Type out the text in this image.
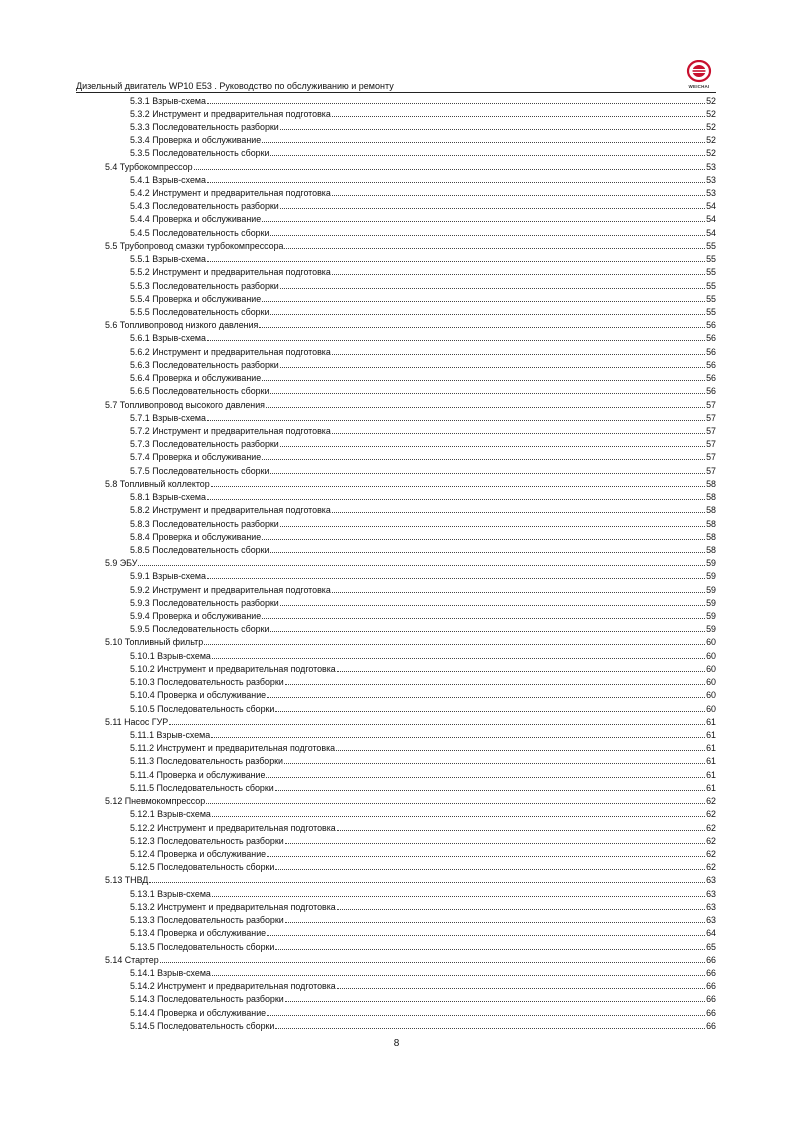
Дизельный двигатель WP10 E53 . Руководство по обслуживанию и ремонту	WEICHAI
5.3.1 Взрыв-схема	52
5.3.2 Инструмент и предварительная подготовка	52
5.3.3 Последовательность разборки	52
5.3.4 Проверка и обслуживание	52
5.3.5 Последовательность сборки	52
5.4 Турбокомпрессор	53
5.4.1 Взрыв-схема	53
5.4.2 Инструмент и предварительная подготовка	53
5.4.3 Последовательность разборки	54
5.4.4 Проверка и обслуживание	54
5.4.5 Последовательность сборки	54
5.5 Трубопровод смазки турбокомпрессора	55
5.5.1 Взрыв-схема	55
5.5.2 Инструмент и предварительная подготовка	55
5.5.3 Последовательность разборки	55
5.5.4 Проверка и обслуживание	55
5.5.5 Последовательность сборки	55
5.6 Топливопровод низкого давления	56
5.6.1 Взрыв-схема	56
5.6.2 Инструмент и предварительная подготовка	56
5.6.3 Последовательность разборки	56
5.6.4 Проверка и обслуживание	56
5.6.5 Последовательность сборки	56
5.7 Топливопровод высокого давления	57
5.7.1 Взрыв-схема	57
5.7.2 Инструмент и предварительная подготовка	57
5.7.3 Последовательность разборки	57
5.7.4 Проверка и обслуживание	57
5.7.5 Последовательность сборки	57
5.8 Топливный коллектор	58
5.8.1 Взрыв-схема	58
5.8.2 Инструмент и предварительная подготовка	58
5.8.3 Последовательность разборки	58
5.8.4 Проверка и обслуживание	58
5.8.5 Последовательность сборки	58
5.9 ЭБУ	59
5.9.1 Взрыв-схема	59
5.9.2 Инструмент и предварительная подготовка	59
5.9.3 Последовательность разборки	59
5.9.4 Проверка и обслуживание	59
5.9.5 Последовательность сборки	59
5.10 Топливный фильтр	60
5.10.1 Взрыв-схема	60
5.10.2 Инструмент и предварительная подготовка	60
5.10.3 Последовательность разборки	60
5.10.4 Проверка и обслуживание	60
5.10.5 Последовательность сборки	60
5.11 Насос ГУР	61
5.11.1 Взрыв-схема	61
5.11.2 Инструмент и предварительная подготовка	61
5.11.3 Последовательность разборки	61
5.11.4 Проверка и обслуживание	61
5.11.5 Последовательность сборки	61
5.12 Пневмокомпрессор	62
5.12.1 Взрыв-схема	62
5.12.2 Инструмент и предварительная подготовка	62
5.12.3 Последовательность разборки	62
5.12.4 Проверка и обслуживание	62
5.12.5 Последовательность сборки	62
5.13 ТНВД	63
5.13.1 Взрыв-схема	63
5.13.2 Инструмент и предварительная подготовка	63
5.13.3 Последовательность разборки	63
5.13.4 Проверка и обслуживание	64
5.13.5 Последовательность сборки	65
5.14 Стартер	66
5.14.1 Взрыв-схема	66
5.14.2 Инструмент и предварительная подготовка	66
5.14.3 Последовательность разборки	66
5.14.4 Проверка и обслуживание	66
5.14.5 Последовательность сборки	66
8
